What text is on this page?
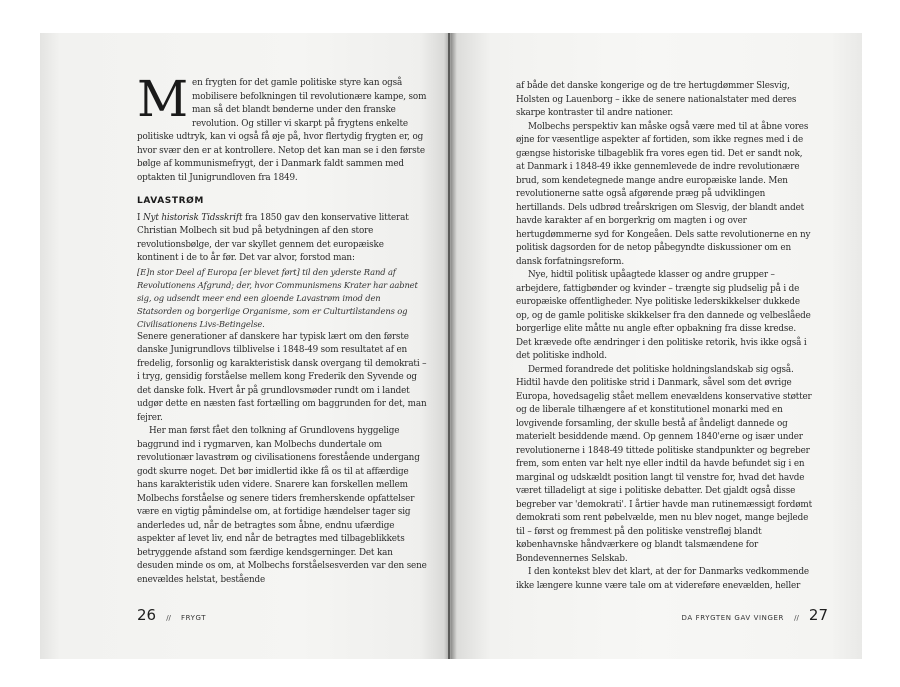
M en frygten for det gamle politiske styre kan også mobilisere befolkningen til revolutionære kampe, som man så det blandt bønderne under den franske revolution. Og stiller vi skarpt på frygtens enkelte politiske udtryk, kan vi også få øje på, hvor flertydig frygten er, og hvor svær den er at kontrollere. Netop det kan man se i den første bølge af kommunismefrygt, der i Danmark faldt sammen med optakten til Junigrundloven fra 1849.

LAVASTRØM

I Nyt historisk Tidsskrift fra 1850 gav den konservative litterat Christian Molbech sit bud på betydningen af den store revolutionsbølge, der var skyllet gennem det europæiske kontinent i de to år før. Det var alvor, forstod man:

[E]n stor Deel af Europa [er blevet ført] til den yderste Rand af Revolutionens Afgrund; der, hvor Communismens Krater har aabnet sig, og udsendt meer end een gloende Lavastrøm imod den Statsorden og borgerlige Organisme, som er Culturtilstandens og Civilisationens Livs-Betingelse.

Senere generationer af danskere har typisk lært om den første danske Junigrundlovs tilblivelse i 1848-49 som resultatet af en fredelig, forsonlig og karakteristisk dansk overgang til demokrati – i tryg, gensidig forståelse mellem kong Frederik den Syvende og det danske folk. Hvert år på grundlovsmøder rundt om i landet udgør dette en næsten fast fortælling om baggrunden for det, man fejrer.

Her man først fået den tolkning af Grundlovens hyggelige baggrund ind i rygmarven, kan Molbechs dundertale om revolutionær lavastrøm og civilisationens forestående undergang godt skurre noget. Det bør imidlertid ikke få os til at affærdige hans karakteristik uden videre. Snarere kan forskellen mellem Molbechs forståelse og senere tiders fremherskende opfattelser være en vigtig påmindelse om, at fortidige hændelser tager sig anderledes ud, når de betragtes som åbne, endnu ufærdige aspekter af levet liv, end når de betragtes med tilbageblikkets betryggende afstand som færdige kendsgerninger. Det kan desuden minde os om, at Molbechs forståelsesverden var den sene enevældes helstat, bestående

26 // FRYGT

af både det danske kongerige og de tre hertugdømmer Slesvig, Holsten og Lauenborg – ikke de senere nationalstater med deres skarpe kontraster til andre nationer.

Molbechs perspektiv kan måske også være med til at åbne vores øjne for væsentlige aspekter af fortiden, som ikke regnes med i de gængse historiske tilbageblik fra vores egen tid. Det er sandt nok, at Danmark i 1848-49 ikke gennemlevede de indre revolutionære brud, som kendetegnede mange andre europæiske lande. Men revolutionerne satte også afgørende præg på udviklingen hertillands. Dels udbrød treårskrigen om Slesvig, der blandt andet havde karakter af en borgerkrig om magten i og over hertugdømmerne syd for Kongeåen. Dels satte revolutionerne en ny politisk dagsorden for de netop påbegyndte diskussioner om en dansk forfatningsreform.

Nye, hidtil politisk upåagtede klasser og andre grupper – arbejdere, fattigbønder og kvinder – trængte sig pludselig på i de europæiske offentligheder. Nye politiske lederskikkelser dukkede op, og de gamle politiske skikkelser fra den dannede og velbeslåede borgerlige elite måtte nu angle efter opbakning fra disse kredse. Det krævede ofte ændringer i den politiske retorik, hvis ikke også i det politiske indhold.

Dermed forandrede det politiske holdningslandskab sig også. Hidtil havde den politiske strid i Danmark, såvel som det øvrige Europa, hovedsagelig stået mellem enevældens konservative støtter og de liberale tilhængere af et konstitutionel monarki med en lovgivende forsamling, der skulle bestå af åndeligt dannede og materielt besiddende mænd. Op gennem 1840'erne og især under revolutionerne i 1848-49 tittede politiske standpunkter og begreber frem, som enten var helt nye eller indtil da havde befundet sig i en marginal og udskældt position langt til venstre for, hvad det havde været tilladeligt at sige i politiske debatter. Det gjaldt også disse begreber var 'demokrati'. I årtier havde man rutinemæssigt fordømt demokrati som rent pøbelvælde, men nu blev noget, mange bejlede til – først og fremmest på den politiske venstrefløj blandt københavnske håndværkere og blandt talsmændene for Bondevennernes Selskab.

I den kontekst blev det klart, at der for Danmarks vedkommende ikke længere kunne være tale om at videreføre enevælden, heller

DA FRYGTEN GAV VINGER // 27
